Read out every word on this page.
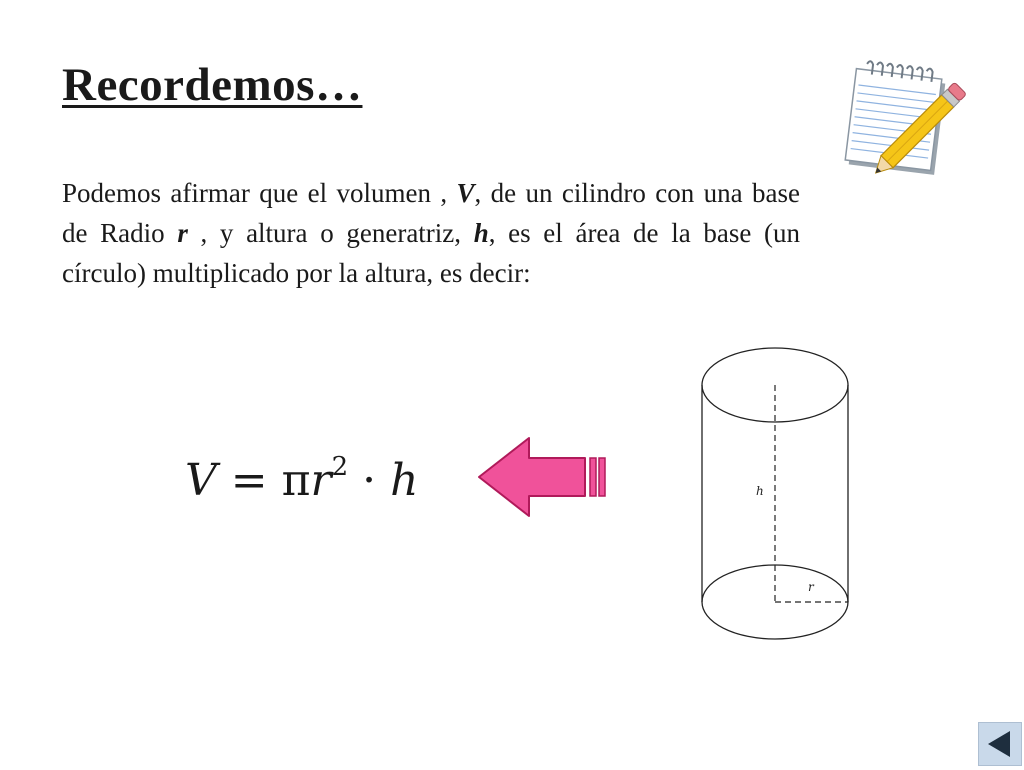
Recordemos…

Podemos afirmar que el volumen , V, de un cilindro con una base de Radio r , y altura o generatriz, h, es el área de la base (un círculo) multiplicado por la altura, es decir:

$V = \pi r^2 \cdot h$	h
r
